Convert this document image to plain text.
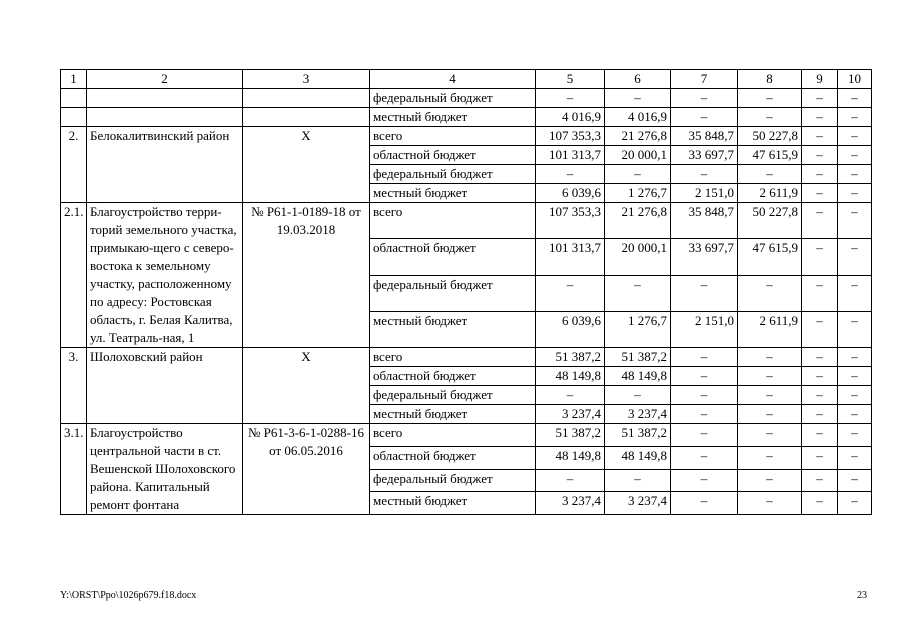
1	2	3	4	5	6	7	8	9	10
			федеральный бюджет	–	–	–	–	–	–
			местный бюджет	4 016,9	4 016,9	–	–	–	–
2.	Белокалитвинский район	Х	всего	107 353,3	21 276,8	35 848,7	50 227,8	–	–
			областной бюджет	101 313,7	20 000,1	33 697,7	47 615,9	–	–
			федеральный бюджет	–	–	–	–	–	–
			местный бюджет	6 039,6	1 276,7	2 151,0	2 611,9	–	–
2.1.	Благоустройство терри-торий земельного участка, примыкаю-щего с северо-востока к земельному участку, расположенному по адресу: Ростовская область, г. Белая Калитва, ул. Театраль-ная, 1	№ Р61-1-0189-18 от 19.03.2018	всего	107 353,3	21 276,8	35 848,7	50 227,8	–	–
			областной бюджет	101 313,7	20 000,1	33 697,7	47 615,9	–	–
			федеральный бюджет	–	–	–	–	–	–
			местный бюджет	6 039,6	1 276,7	2 151,0	2 611,9	–	–
3.	Шолоховский район	Х	всего	51 387,2	51 387,2	–	–	–	–
			областной бюджет	48 149,8	48 149,8	–	–	–	–
			федеральный бюджет	–	–	–	–	–	–
			местный бюджет	3 237,4	3 237,4	–	–	–	–
3.1.	Благоустройство центральной части в ст. Вешенской Шолоховского района. Капитальный ремонт фонтана	№ Р61-3-6-1-0288-16 от 06.05.2016	всего	51 387,2	51 387,2	–	–	–	–
			областной бюджет	48 149,8	48 149,8	–	–	–	–
			федеральный бюджет	–	–	–	–	–	–
			местный бюджет	3 237,4	3 237,4	–	–	–	–
Y:\ORST\Ppo\1026p679.f18.docx	23
